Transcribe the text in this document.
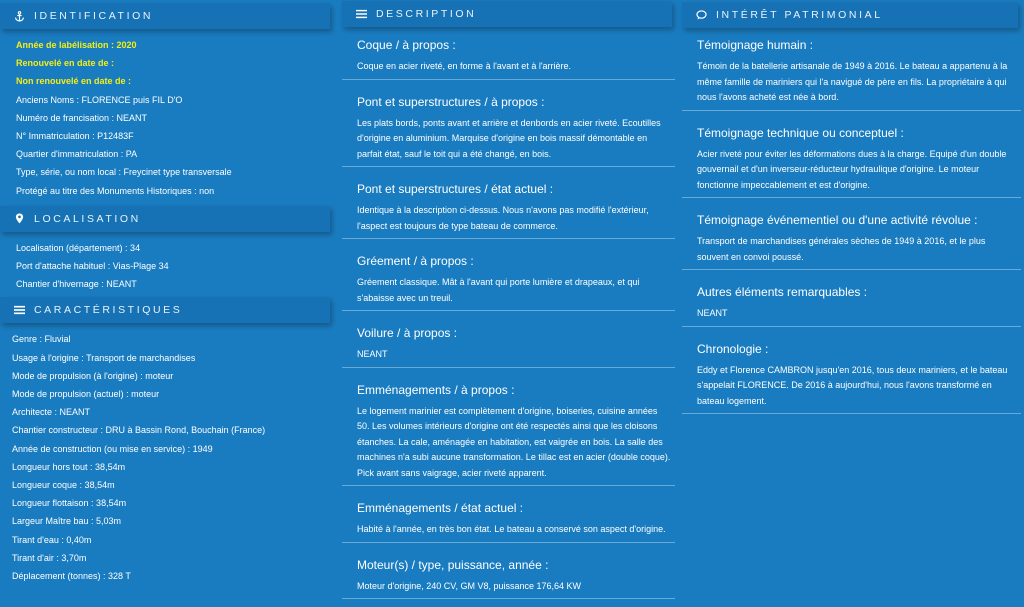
IDENTIFICATION
Année de labélisation : 2020
Renouvelé en date de :
Non renouvelé en date de :
Anciens Noms : FLORENCE puis FIL D'O
Numéro de francisation : NEANT
N° Immatriculation : P12483F
Quartier d'immatriculation : PA
Type, série, ou nom local : Freycinet type transversale
Protégé au titre des Monuments Historiques : non
LOCALISATION
Localisation (département) : 34
Port d'attache habituel : Vias-Plage 34
Chantier d'hivernage : NEANT
CARACTÉRISTIQUES
Genre : Fluvial
Usage à l'origine : Transport de marchandises
Mode de propulsion (à l'origine) : moteur
Mode de propulsion (actuel) : moteur
Architecte : NEANT
Chantier constructeur : DRU à Bassin Rond, Bouchain (France)
Année de construction (ou mise en service) : 1949
Longueur hors tout : 38,54m
Longueur coque : 38,54m
Longueur flottaison : 38,54m
Largeur Maître bau : 5,03m
Tirant d'eau : 0,40m
Tirant d'air : 3,70m
Déplacement (tonnes) : 328 T
DESCRIPTION
Coque / à propos :

Coque en acier riveté, en forme à l'avant et à l'arrière.

Pont et superstructures / à propos :

Les plats bords, ponts avant et arrière et denbords en acier riveté. Ecoutilles d'origine en aluminium. Marquise d'origine en bois massif démontable en parfait état, sauf le toit qui a été changé, en bois.

Pont et superstructures / état actuel :

Identique à la description ci-dessus. Nous n'avons pas modifié l'extérieur, l'aspect est toujours de type bateau de commerce.

Gréement / à propos :

Gréement classique. Mât à l'avant qui porte lumière et drapeaux, et qui s'abaisse avec un treuil.

Voilure / à propos :

NEANT

Emménagements / à propos :

Le logement marinier est complètement d'origine, boiseries, cuisine années 50. Les volumes intérieurs d'origine ont été respectés ainsi que les cloisons étanches. La cale, aménagée en habitation, est vaigrée en bois. La salle des machines n'a subi aucune transformation. Le tillac est en acier (double coque). Pick avant sans vaigrage, acier riveté apparent.

Emménagements / état actuel :

Habité à l'année, en très bon état. Le bateau a conservé son aspect d'origine.

Moteur(s) / type, puissance, année :

Moteur d'origine, 240 CV, GM V8, puissance 176,64 KW

INTÉRÊT PATRIMONIAL
Témoignage humain :

Témoin de la batellerie artisanale de 1949 à 2016. Le bateau a appartenu à la même famille de mariniers qui l'a navigué de père en fils. La propriétaire à qui nous l'avons acheté est née à bord.

Témoignage technique ou conceptuel :

Acier riveté pour éviter les déformations dues à la charge. Equipé d'un double gouvernail et d'un inverseur-réducteur hydraulique d'origine. Le moteur fonctionne impeccablement et est d'origine.

Témoignage événementiel ou d'une activité révolue :

Transport de marchandises générales sèches de 1949 à 2016, et le plus souvent en convoi poussé.

Autres éléments remarquables :

NEANT

Chronologie :

Eddy et Florence CAMBRON jusqu'en 2016, tous deux mariniers, et le bateau s'appelait FLORENCE. De 2016 à aujourd'hui, nous l'avons transformé en bateau logement.
